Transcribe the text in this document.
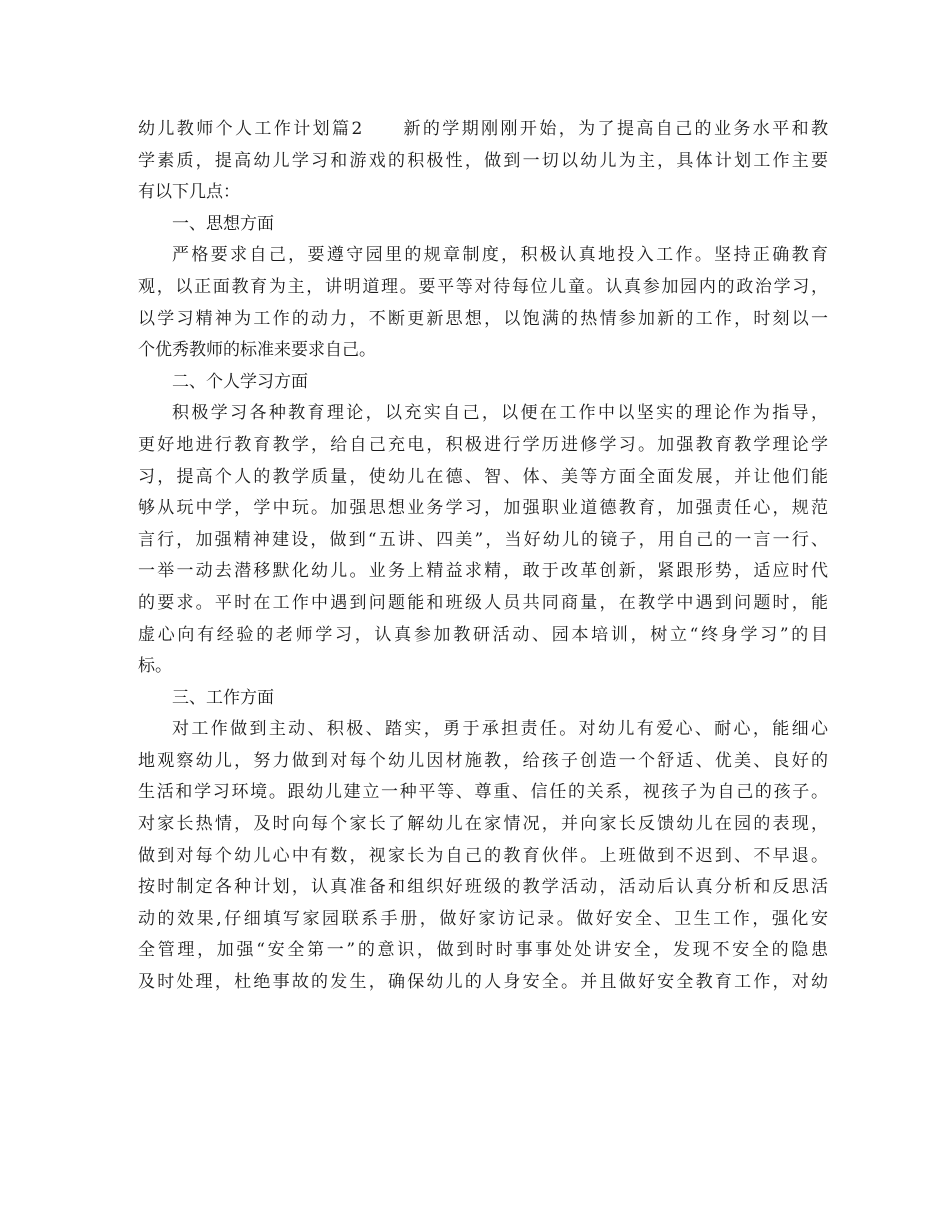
幼儿教师个人工作计划篇2　　新的学期刚刚开始，为了提高自己的业务水平和教
学素质，提高幼儿学习和游戏的积极性，做到一切以幼儿为主，具体计划工作主要
有以下几点：
一、思想方面
严格要求自己，要遵守园里的规章制度，积极认真地投入工作。坚持正确教育
观，以正面教育为主，讲明道理。要平等对待每位儿童。认真参加园内的政治学习，
以学习精神为工作的动力，不断更新思想，以饱满的热情参加新的工作，时刻以一
个优秀教师的标准来要求自己。
二、个人学习方面
积极学习各种教育理论，以充实自己，以便在工作中以坚实的理论作为指导，
更好地进行教育教学，给自己充电，积极进行学历进修学习。加强教育教学理论学
习，提高个人的教学质量，使幼儿在德、智、体、美等方面全面发展，并让他们能
够从玩中学，学中玩。加强思想业务学习，加强职业道德教育，加强责任心，规范
言行，加强精神建设，做到“五讲、四美”，当好幼儿的镜子，用自己的一言一行、
一举一动去潜移默化幼儿。业务上精益求精，敢于改革创新，紧跟形势，适应时代
的要求。平时在工作中遇到问题能和班级人员共同商量，在教学中遇到问题时，能
虚心向有经验的老师学习，认真参加教研活动、园本培训，树立“终身学习”的目
标。
三、工作方面
对工作做到主动、积极、踏实，勇于承担责任。对幼儿有爱心、耐心，能细心
地观察幼儿，努力做到对每个幼儿因材施教，给孩子创造一个舒适、优美、良好的
生活和学习环境。跟幼儿建立一种平等、尊重、信任的关系，视孩子为自己的孩子。
对家长热情，及时向每个家长了解幼儿在家情况，并向家长反馈幼儿在园的表现，
做到对每个幼儿心中有数，视家长为自己的教育伙伴。上班做到不迟到、不早退。
按时制定各种计划，认真准备和组织好班级的教学活动，活动后认真分析和反思活
动的效果,仔细填写家园联系手册，做好家访记录。做好安全、卫生工作，强化安
全管理，加强“安全第一”的意识，做到时时事事处处讲安全，发现不安全的隐患
及时处理，杜绝事故的发生，确保幼儿的人身安全。并且做好安全教育工作，对幼
